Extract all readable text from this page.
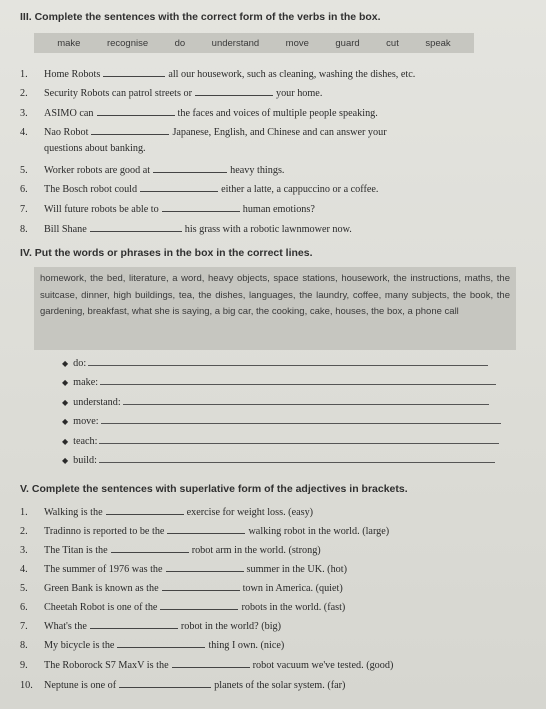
III. Complete the sentences with the correct form of the verbs in the box.
make	recognise	do	understand	move	guard	cut	speak
1.	Home Robots	all our housework, such as cleaning, washing the dishes, etc.
2.	Security Robots can patrol streets or	your home.
3.	ASIMO can	the faces and voices of multiple people speaking.
4.	Nao Robot	Japanese, English, and Chinese and can answer your
questions about banking.
5.	Worker robots are good at	heavy things.
6.	The Bosch robot could	either a latte, a cappuccino or a coffee.
7.	Will future robots be able to	human emotions?
8.	Bill Shane	his grass with a robotic lawnmower now.
IV. Put the words or phrases in the box in the correct lines.
homework, the bed, literature, a word, heavy objects, space stations, housework, the instructions, maths, the suitcase, dinner, high buildings, tea, the dishes, languages, the laundry, coffee, many subjects, the book, the gardening, breakfast, what she is saying, a big car, the cooking, cake, houses, the box, a phone call
◆ do:
◆ make:
◆ understand:
◆ move:
◆ teach:
◆ build:
V. Complete the sentences with superlative form of the adjectives in brackets.
1.	Walking is the	exercise for weight loss. (easy)
2.	Tradinno is reported to be the	walking robot in the world. (large)
3.	The Titan is the	robot arm in the world. (strong)
4.	The summer of 1976 was the	summer in the UK. (hot)
5.	Green Bank is known as the	town in America. (quiet)
6.	Cheetah Robot is one of the	robots in the world. (fast)
7.	What's the	robot in the world? (big)
8.	My bicycle is the	thing I own. (nice)
9.	The Roborock S7 MaxV is the	robot vacuum we've tested. (good)
10.	Neptune is one of	planets of the solar system. (far)
